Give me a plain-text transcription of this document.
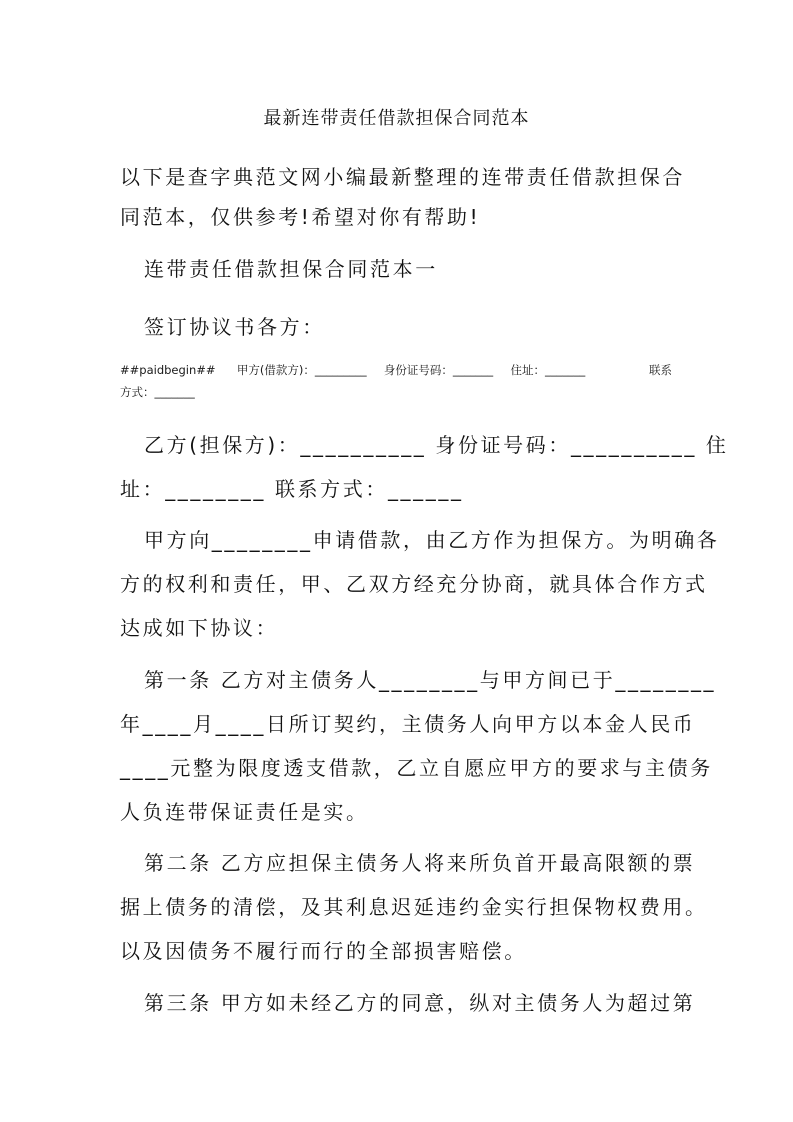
最新连带责任借款担保合同范本
以下是查字典范文网小编最新整理的连带责任借款担保合
同范本，仅供参考!希望对你有帮助!
连带责任借款担保合同范本一
签订协议书各方：
##paidbegin## 甲方(借款方)：_________ 身份证号码：_______ 住址：_______	联系
方式：_______
乙方(担保方)：__________ 身份证号码：__________ 住
址：________ 联系方式：______
甲方向________申请借款，由乙方作为担保方。为明确各
方的权利和责任，甲、乙双方经充分协商，就具体合作方式
达成如下协议：
第一条 乙方对主债务人________与甲方间已于________
年____月____日所订契约，主债务人向甲方以本金人民币
____元整为限度透支借款，乙立自愿应甲方的要求与主债务
人负连带保证责任是实。
第二条 乙方应担保主债务人将来所负首开最高限额的票
据上债务的清偿，及其利息迟延违约金实行担保物权费用。
以及因债务不履行而行的全部损害赔偿。
第三条 甲方如未经乙方的同意，纵对主债务人为超过第
